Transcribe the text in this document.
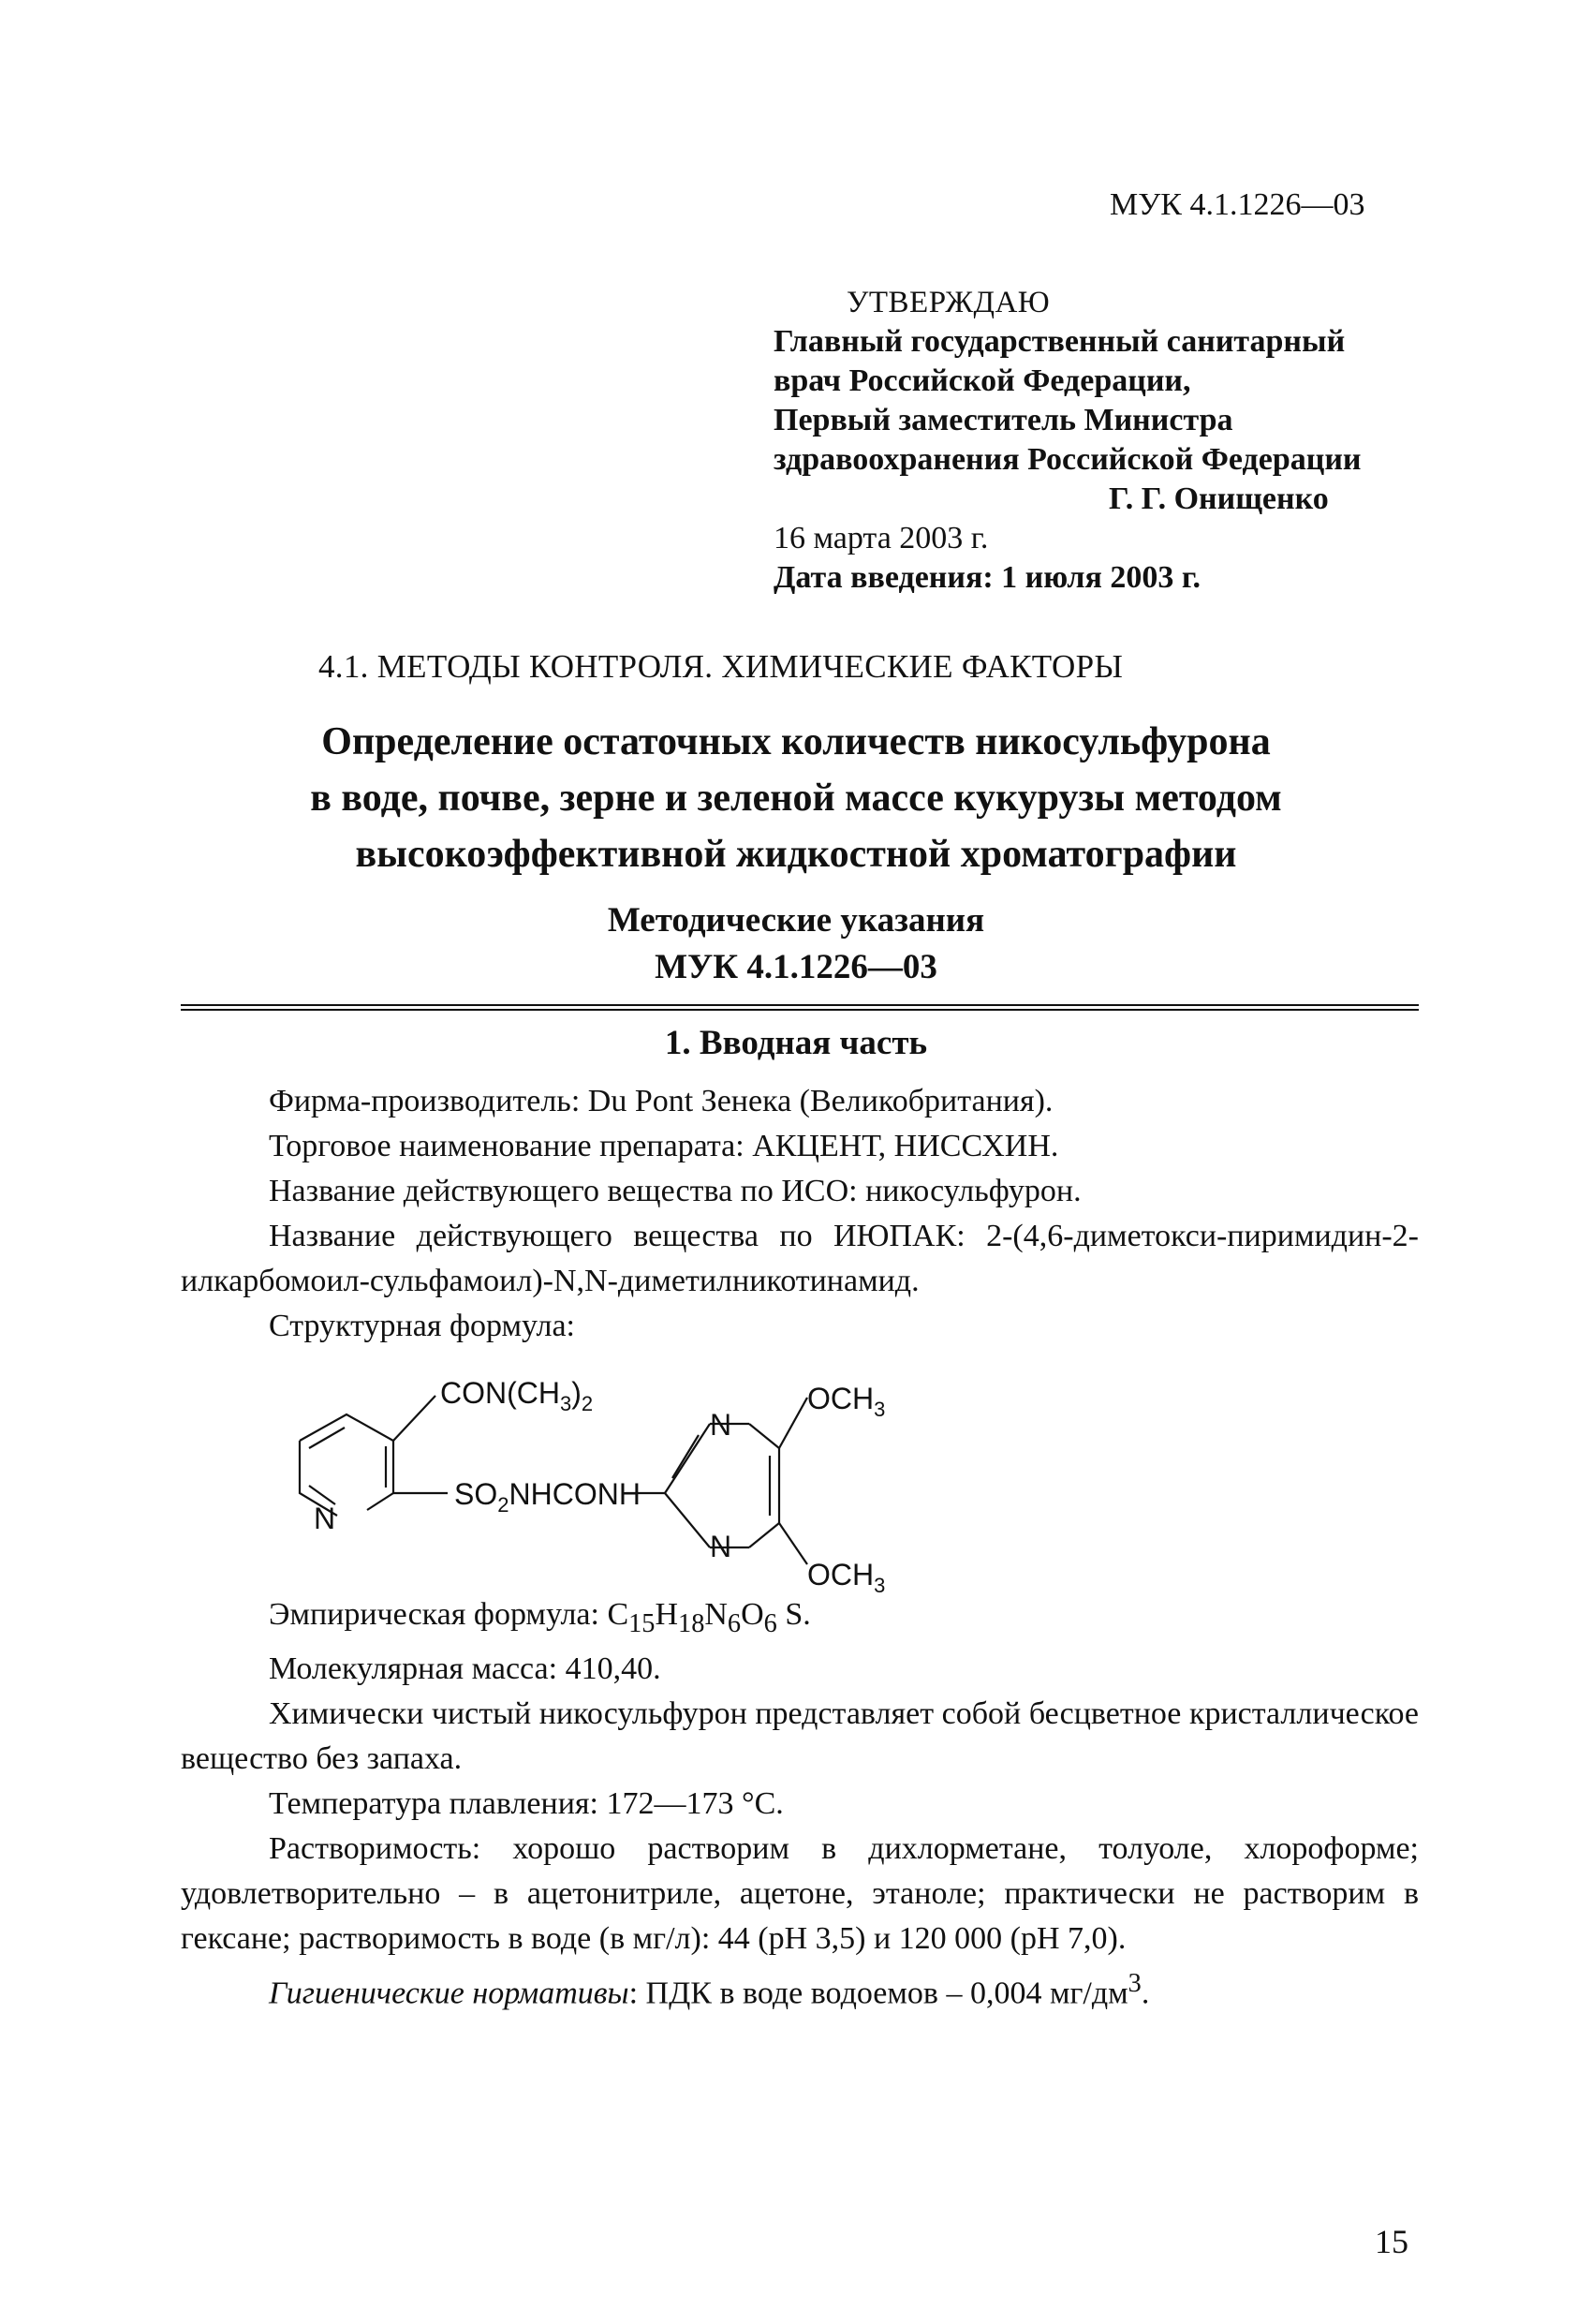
МУК 4.1.1226—03
УТВЕРЖДАЮ
Главный государственный санитарный
врач Российской Федерации,
Первый заместитель Министра
здравоохранения Российской Федерации
Г. Г. Онищенко
16 марта 2003 г.
Дата введения: 1 июля 2003 г.
4.1. МЕТОДЫ КОНТРОЛЯ. ХИМИЧЕСКИЕ ФАКТОРЫ
Определение остаточных количеств никосульфурона
в воде, почве, зерне и зеленой массе кукурузы методом
высокоэффективной жидкостной хроматографии
Методические указания
МУК 4.1.1226—03
1. Вводная часть

Фирма-производитель: Du Pont Зенека (Великобритания).

Торговое наименование препарата: АКЦЕНТ, НИССХИН.

Название действующего вещества по ИСО: никосульфурон.

Название действующего вещества по ИЮПАК: 2-(4,6-диметокси-пиримидин-2-илкарбомоил-сульфамоил)-N,N-диметилникотинамид.

Структурная формула:

N
$CON(CH_3)_2$
$SO_2NHCONH$
N
N
$OCH_3$
$OCH_3$

Эмпирическая формула: $C_{15}H_{18}N_6O_6$ S.

Молекулярная масса: 410,40.

Химически чистый никосульфурон представляет собой бесцветное кристаллическое вещество без запаха.

Температура плавления: 172—173 °С.

Растворимость: хорошо растворим в дихлорметане, толуоле, хлороформе; удовлетворительно – в ацетонитриле, ацетоне, этаноле; практически не растворим в гексане; растворимость в воде (в мг/л): 44 (рН 3,5) и 120 000 (рН 7,0).

Гигиенические нормативы: ПДК в воде водоемов – 0,004 $мг/дм^3$.

15
